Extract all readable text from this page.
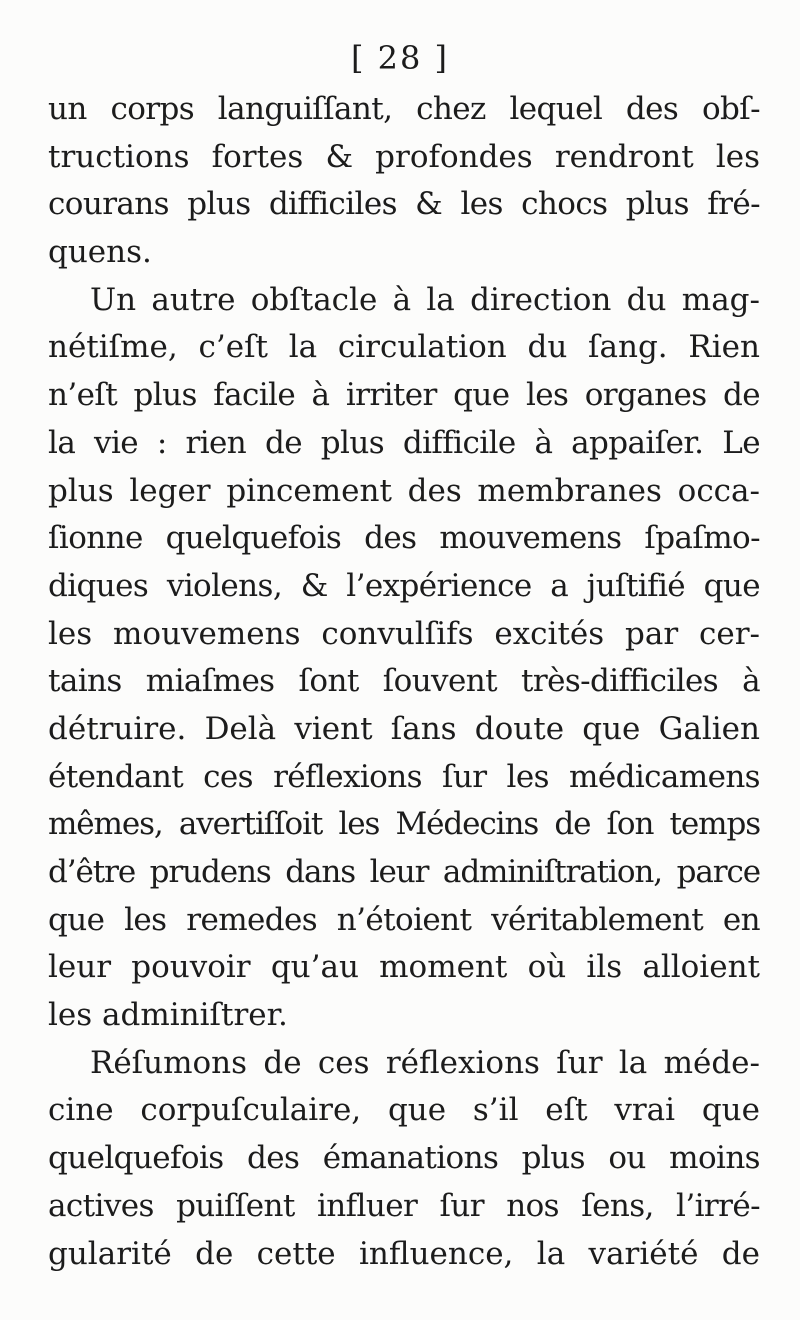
[ 28 ]
un corps languiſſant, chez lequel des obſ-
tructions fortes & profondes rendront les
courans plus difficiles & les chocs plus fré-
quens.
Un autre obſtacle à la direction du mag-
nétiſme, c’eſt la circulation du ſang. Rien
n’eſt plus facile à irriter que les organes de
la vie : rien de plus difficile à appaiſer. Le
plus leger pincement des membranes occa-
ſionne quelquefois des mouvemens ſpaſmo-
diques violens, & l’expérience a juſtifié que
les mouvemens convulſifs excités par cer-
tains miaſmes ſont ſouvent très-difficiles à
détruire. Delà vient ſans doute que Galien
étendant ces réflexions ſur les médicamens
mêmes, avertiſſoit les Médecins de ſon temps
d’être prudens dans leur adminiſtration, parce
que les remedes n’étoient véritablement en
leur pouvoir qu’au moment où ils alloient
les adminiſtrer.
Réſumons de ces réflexions ſur la méde-
cine corpuſculaire, que s’il eſt vrai que
quelquefois des émanations plus ou moins
actives puiſſent influer ſur nos ſens, l’irré-
gularité de cette influence, la variété de
